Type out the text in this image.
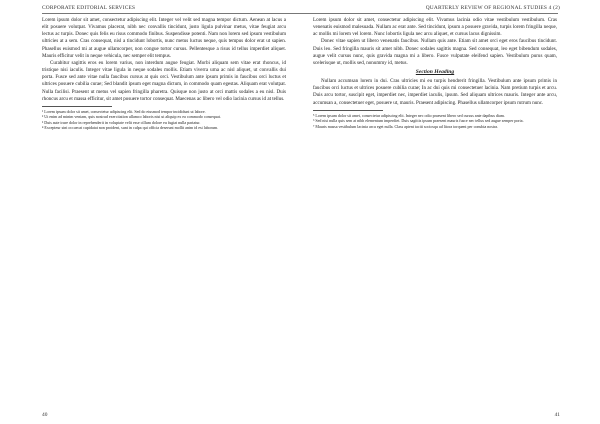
CORPORATE EDITORIAL SERVICES	QUARTERLY REVIEW OF REGIONAL STUDIES 4 (2)

Lorem ipsum dolor sit amet, consectetur adipiscing elit. Integer vel velit sed magna tempor dictum. Aenean at lacus a elit posuere volutpat. Vivamus placerat, nibh nec convallis tincidunt, justo ligula pulvinar metus, vitae feugiat arcu lectus ac turpis. Donec quis felis eu risus commodo finibus. Suspendisse potenti. Nam non lorem sed ipsum vestibulum ultricies at a sem. Cras consequat, nisl a tincidunt lobortis, nunc metus luctus neque, quis tempus dolor erat ut sapien. Phasellus euismod mi at augue ullamcorper, non congue tortor cursus. Pellentesque a risus id tellus imperdiet aliquet. Mauris efficitur velit in neque vehicula, nec semper elit tempus.

Curabitur sagittis eros eu lorem varius, non interdum augue feugiat. Morbi aliquam sem vitae erat rhoncus, id tristique nisi iaculis. Integer vitae ligula in neque sodales mollis. Etiam viverra urna ac nisl aliquet, ut convallis dui porta. Fusce sed ante vitae nulla faucibus cursus at quis orci. Vestibulum ante ipsum primis in faucibus orci luctus et ultrices posuere cubilia curae; Sed blandit ipsum eget magna dictum, in commodo quam egestas. Aliquam erat volutpat. Nulla facilisi. Praesent ut metus vel sapien fringilla pharetra. Quisque non justo at orci mattis sodales a eu nisl. Duis rhoncus arcu et massa efficitur, sit amet posuere tortor consequat. Maecenas ac libero vel odio lacinia cursus id at tellus.

¹ Lorem ipsum dolor sit amet, consectetur adipiscing elit. Sed do eiusmod tempor incididunt ut labore.

² Ut enim ad minim veniam, quis nostrud exercitation ullamco laboris nisi ut aliquip ex ea commodo consequat.

³ Duis aute irure dolor in reprehenderit in voluptate velit esse cillum dolore eu fugiat nulla pariatur.

⁴ Excepteur sint occaecat cupidatat non proident, sunt in culpa qui officia deserunt mollit anim id est laborum.

Lorem ipsum dolor sit amet, consectetur adipiscing elit. Vivamus lacinia odio vitae vestibulum vestibulum. Cras venenatis euismod malesuada. Nullam ac erat ante. Sed tincidunt, ipsum a posuere gravida, turpis lorem fringilla neque, ac mollis mi lorem vel lorem. Nunc lobortis ligula nec arcu aliquet, et cursus lacus dignissim.

Donec vitae sapien ut libero venenatis faucibus. Nullam quis ante. Etiam sit amet orci eget eros faucibus tincidunt. Duis leo. Sed fringilla mauris sit amet nibh. Donec sodales sagittis magna. Sed consequat, leo eget bibendum sodales, augue velit cursus nunc, quis gravida magna mi a libero. Fusce vulputate eleifend sapien. Vestibulum purus quam, scelerisque ut, mollis sed, nonummy id, metus.

Section Heading

Nullam accumsan lorem in dui. Cras ultricies mi eu turpis hendrerit fringilla. Vestibulum ante ipsum primis in faucibus orci luctus et ultrices posuere cubilia curae; In ac dui quis mi consectetuer lacinia. Nam pretium turpis et arcu. Duis arcu tortor, suscipit eget, imperdiet nec, imperdiet iaculis, ipsum. Sed aliquam ultrices mauris. Integer ante arcu, accumsan a, consectetuer eget, posuere ut, mauris. Praesent adipiscing. Phasellus ullamcorper ipsum rutrum nunc.

⁵ Lorem ipsum dolor sit amet, consectetur adipiscing elit. Integer nec odio praesent libero sed cursus ante dapibus diam.

⁶ Sed nisi nulla quis sem at nibh elementum imperdiet. Duis sagittis ipsum praesent mauris fusce nec tellus sed augue semper porta.

⁷ Mauris massa vestibulum lacinia arcu eget nulla. Class aptent taciti sociosqu ad litora torquent per conubia nostra.

40	41
